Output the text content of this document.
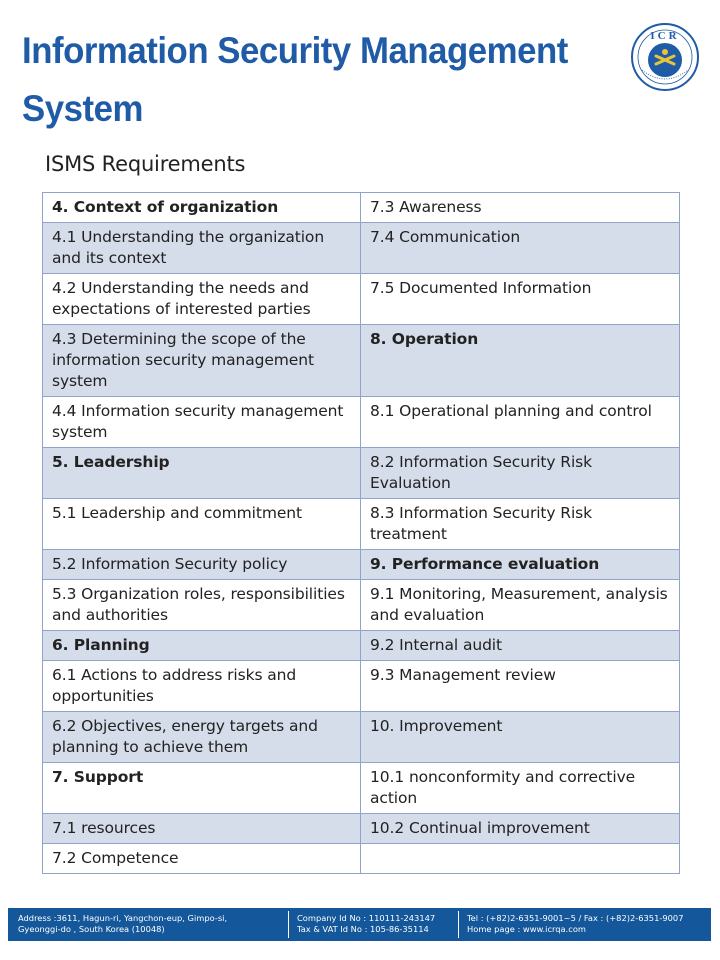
Information Security Management
System
ICR
ISMS Requirements
4. Context of organization	7.3 Awareness
4.1 Understanding the organization and its context	7.4 Communication
4.2 Understanding the needs and expectations of interested parties	7.5 Documented Information
4.3 Determining the scope of the information security management system	8. Operation
4.4 Information security management system	8.1 Operational planning and control
5. Leadership	8.2 Information Security Risk Evaluation
5.1 Leadership and commitment	8.3 Information Security Risk treatment
5.2 Information Security policy	9. Performance evaluation
5.3 Organization roles, responsibilities and authorities	9.1 Monitoring, Measurement, analysis and evaluation
6. Planning	9.2 Internal audit
6.1 Actions to address risks and opportunities	9.3 Management review
6.2 Objectives, energy targets and planning to achieve them	10. Improvement
7. Support	10.1 nonconformity and corrective action
7.1 resources	10.2 Continual improvement
7.2 Competence	
Address :3611, Hagun-ri, Yangchon-eup, Gimpo-si,
Gyeonggi-do , South Korea (10048)
Company Id No : 110111-243147
Tax & VAT Id No : 105-86-35114
Tel : (+82)2-6351-9001~5 / Fax : (+82)2-6351-9007
Home page : www.icrqa.com
